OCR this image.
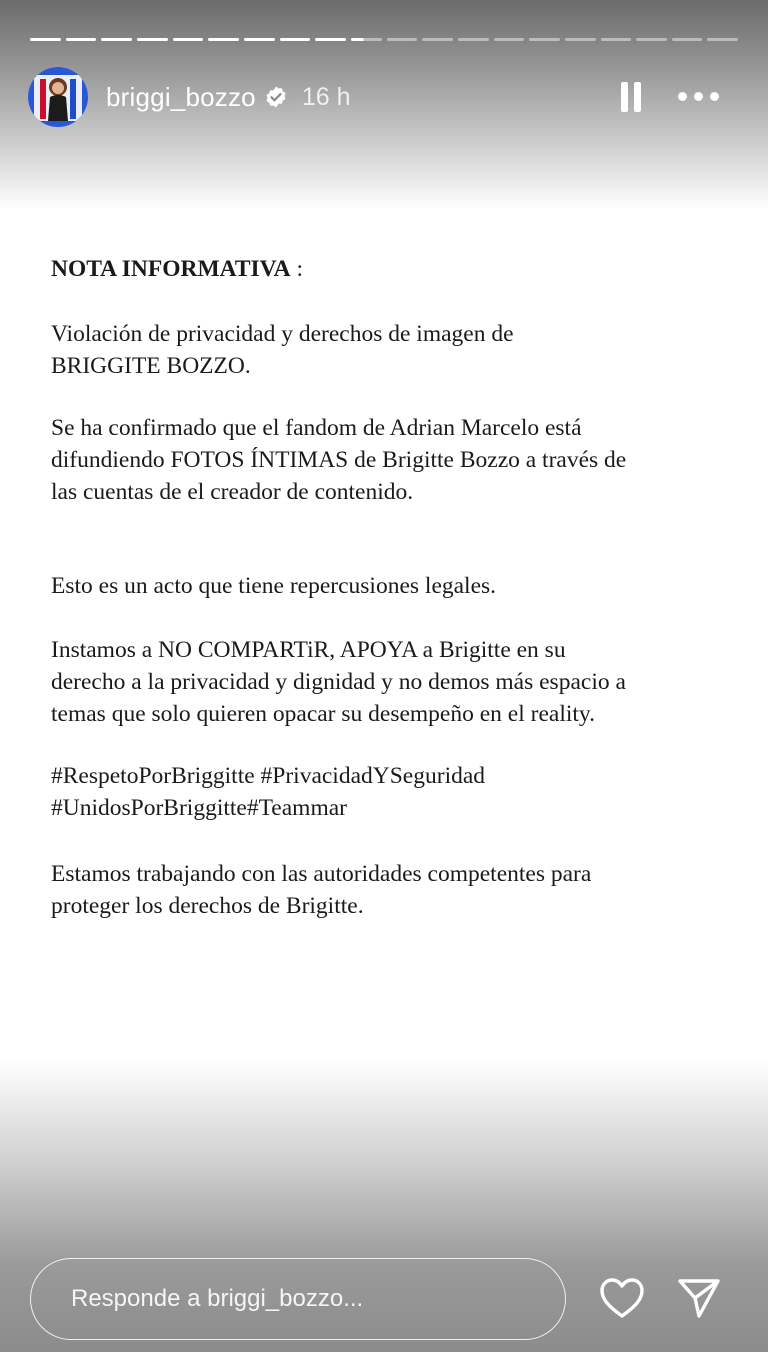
briggi_bozzo 16 h

NOTA INFORMATIVA :

Violación de privacidad y derechos de imagen de
BRIGGITE BOZZO.

Se ha confirmado que el fandom de Adrian Marcelo está
difundiendo FOTOS ÍNTIMAS de Brigitte Bozzo a través de
las cuentas de el creador de contenido.

Esto es un acto que tiene repercusiones legales.

Instamos a NO COMPARTiR, APOYA a Brigitte en su
derecho a la privacidad y dignidad y no demos más espacio a
temas que solo quieren opacar su desempeño en el reality.

#RespetoPorBriggitte #PrivacidadYSeguridad
#UnidosPorBriggitte#Teammar

Estamos trabajando con las autoridades competentes para
proteger los derechos de Brigitte.

Responde a briggi_bozzo...
